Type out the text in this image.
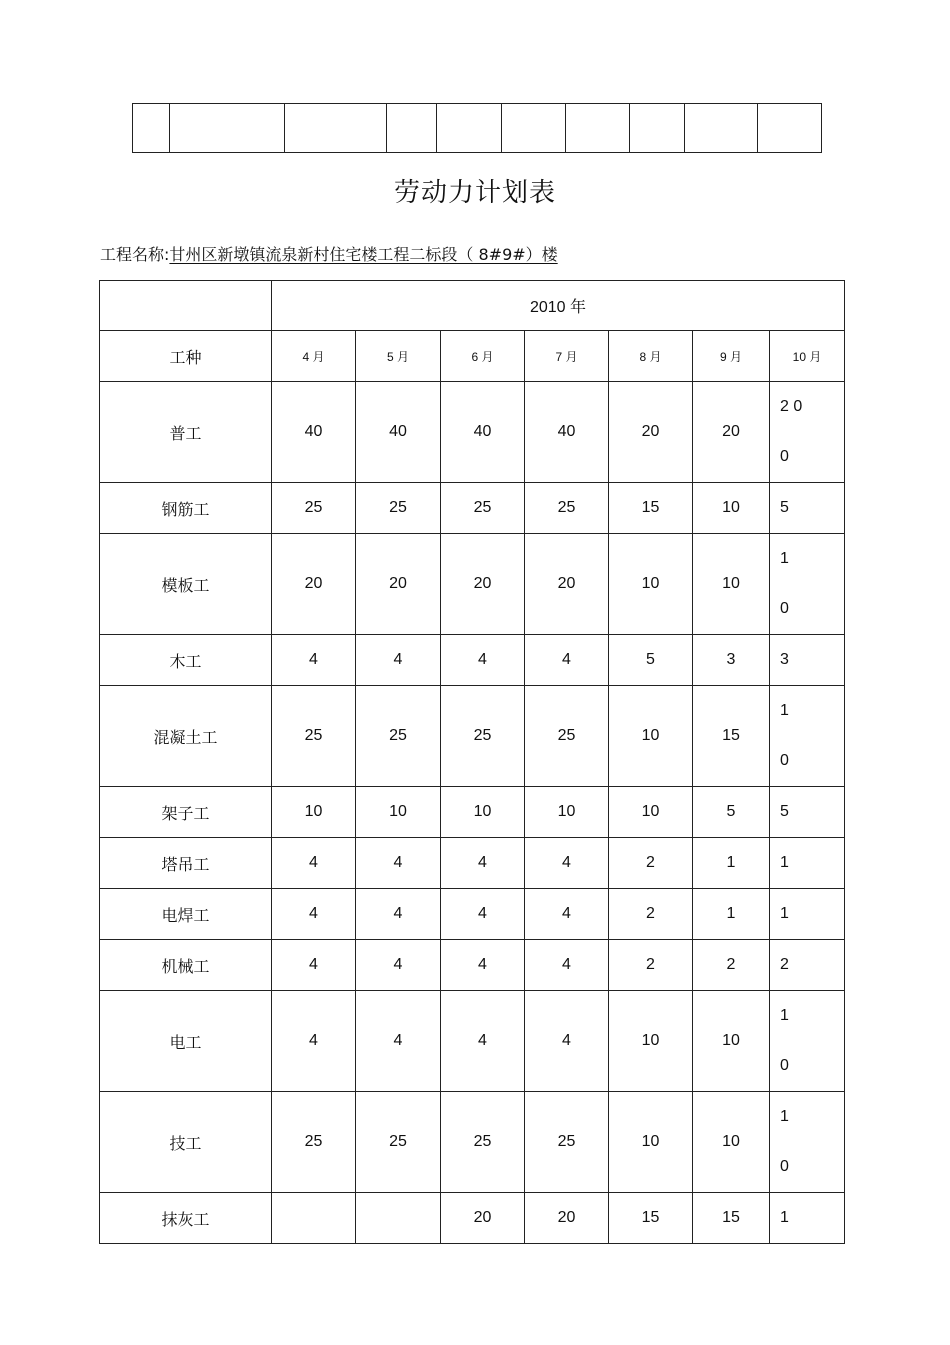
劳动力计划表
工程名称:甘州区新墩镇流泉新村住宅楼工程二标段（ 8#9#）楼
	2010 年						
工种	4 月	5 月	6 月	7 月	8 月	9 月	10 月
普工	40	40	40	40	20	20	2 0
0
钢筋工	25	25	25	25	15	10	5
模板工	20	20	20	20	10	10	1
0
木工	4	4	4	4	5	3	3
混凝土工	25	25	25	25	10	15	1
0
架子工	10	10	10	10	10	5	5
塔吊工	4	4	4	4	2	1	1
电焊工	4	4	4	4	2	1	1
机械工	4	4	4	4	2	2	2
电工	4	4	4	4	10	10	1
0
技工	25	25	25	25	10	10	1
0
抹灰工			20	20	15	15	1
